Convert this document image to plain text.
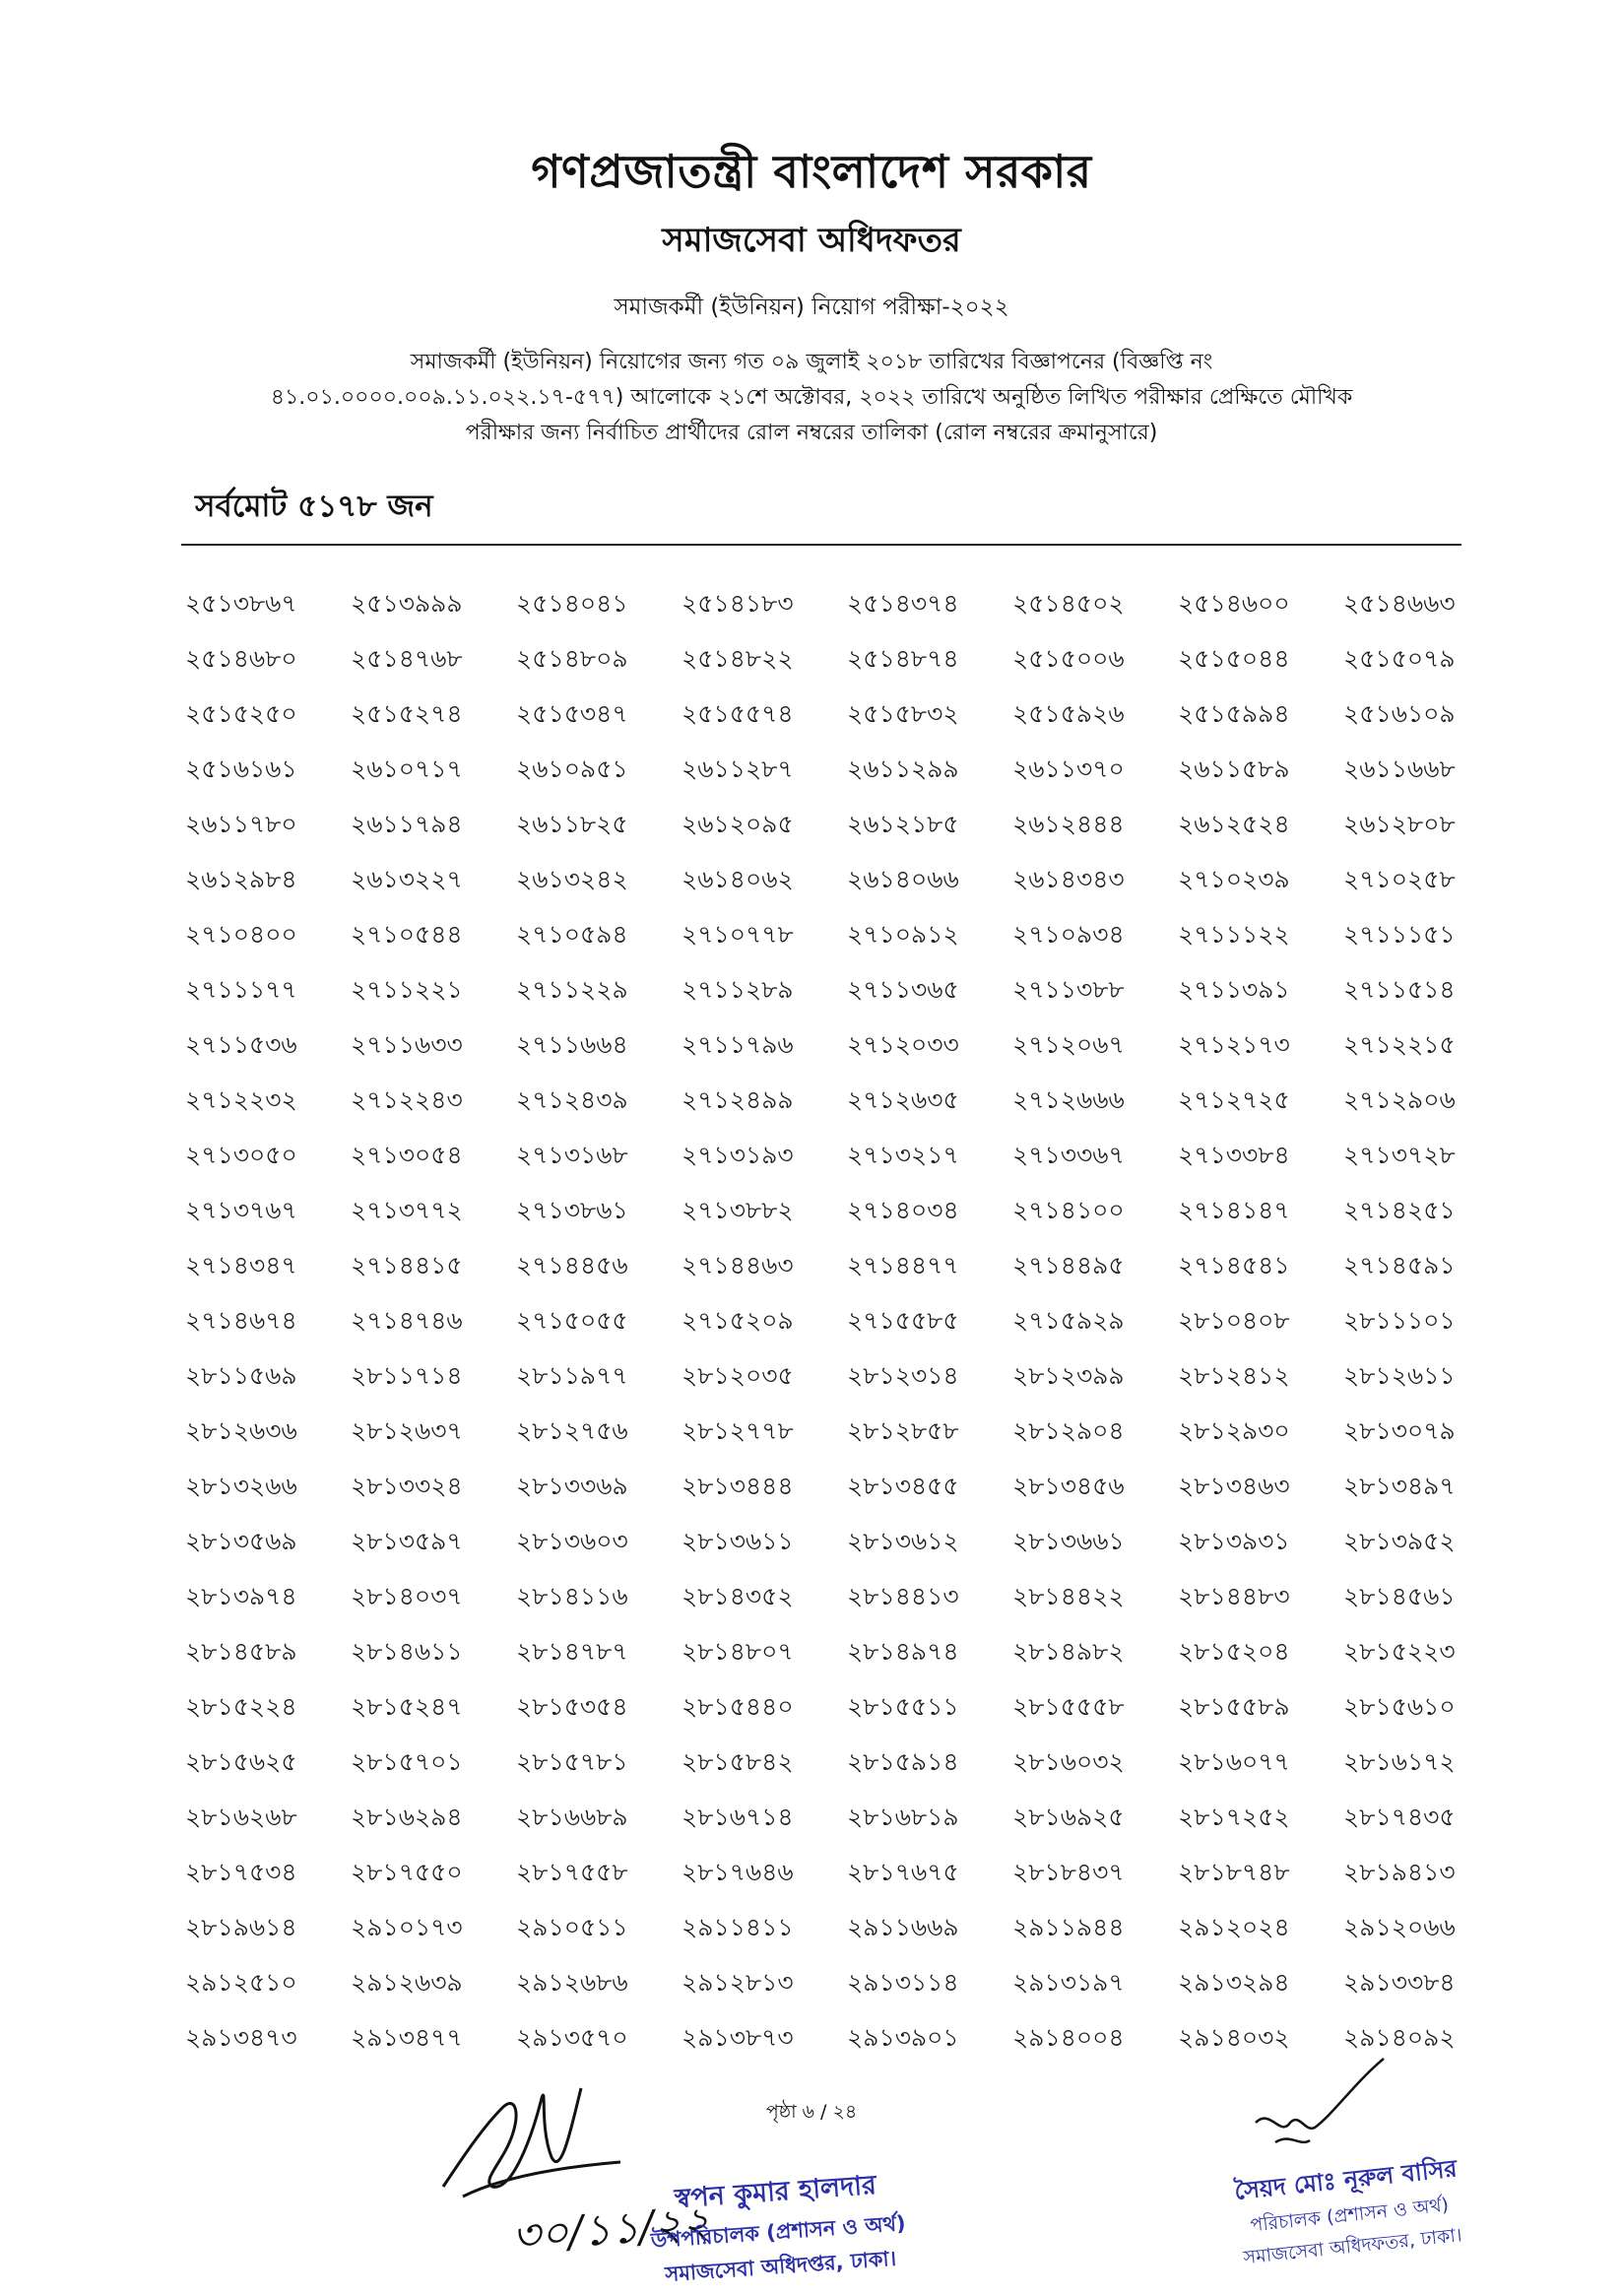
গণপ্রজাতন্ত্রী বাংলাদেশ সরকার
সমাজসেবা অধিদফতর
সমাজকর্মী (ইউনিয়ন) নিয়োগ পরীক্ষা-২০২২
সমাজকর্মী (ইউনিয়ন) নিয়োগের জন্য গত ০৯ জুলাই ২০১৮ তারিখের বিজ্ঞাপনের (বিজ্ঞপ্তি নং
৪১.০১.০০০০.০০৯.১১.০২২.১৭-৫৭৭) আলোকে ২১শে অক্টোবর, ২০২২ তারিখে অনুষ্ঠিত লিখিত পরীক্ষার প্রেক্ষিতে মৌখিক
পরীক্ষার জন্য নির্বাচিত প্রার্থীদের রোল নম্বরের তালিকা (রোল নম্বরের ক্রমানুসারে)
সর্বমোট ৫১৭৮ জন
২৫১৩৮৬৭	২৫১৩৯৯৯	২৫১৪০৪১	২৫১৪১৮৩	২৫১৪৩৭৪	২৫১৪৫০২	২৫১৪৬০০	২৫১৪৬৬৩
২৫১৪৬৮০	২৫১৪৭৬৮	২৫১৪৮০৯	২৫১৪৮২২	২৫১৪৮৭৪	২৫১৫০০৬	২৫১৫০৪৪	২৫১৫০৭৯
২৫১৫২৫০	২৫১৫২৭৪	২৫১৫৩৪৭	২৫১৫৫৭৪	২৫১৫৮৩২	২৫১৫৯২৬	২৫১৫৯৯৪	২৫১৬১০৯
২৫১৬১৬১	২৬১০৭১৭	২৬১০৯৫১	২৬১১২৮৭	২৬১১২৯৯	২৬১১৩৭০	২৬১১৫৮৯	২৬১১৬৬৮
২৬১১৭৮০	২৬১১৭৯৪	২৬১১৮২৫	২৬১২০৯৫	২৬১২১৮৫	২৬১২৪৪৪	২৬১২৫২৪	২৬১২৮০৮
২৬১২৯৮৪	২৬১৩২২৭	২৬১৩২৪২	২৬১৪০৬২	২৬১৪০৬৬	২৬১৪৩৪৩	২৭১০২৩৯	২৭১০২৫৮
২৭১০৪০০	২৭১০৫৪৪	২৭১০৫৯৪	২৭১০৭৭৮	২৭১০৯১২	২৭১০৯৩৪	২৭১১১২২	২৭১১১৫১
২৭১১১৭৭	২৭১১২২১	২৭১১২২৯	২৭১১২৮৯	২৭১১৩৬৫	২৭১১৩৮৮	২৭১১৩৯১	২৭১১৫১৪
২৭১১৫৩৬	২৭১১৬৩৩	২৭১১৬৬৪	২৭১১৭৯৬	২৭১২০৩৩	২৭১২০৬৭	২৭১২১৭৩	২৭১২২১৫
২৭১২২৩২	২৭১২২৪৩	২৭১২৪৩৯	২৭১২৪৯৯	২৭১২৬৩৫	২৭১২৬৬৬	২৭১২৭২৫	২৭১২৯০৬
২৭১৩০৫০	২৭১৩০৫৪	২৭১৩১৬৮	২৭১৩১৯৩	২৭১৩২১৭	২৭১৩৩৬৭	২৭১৩৩৮৪	২৭১৩৭২৮
২৭১৩৭৬৭	২৭১৩৭৭২	২৭১৩৮৬১	২৭১৩৮৮২	২৭১৪০৩৪	২৭১৪১০০	২৭১৪১৪৭	২৭১৪২৫১
২৭১৪৩৪৭	২৭১৪৪১৫	২৭১৪৪৫৬	২৭১৪৪৬৩	২৭১৪৪৭৭	২৭১৪৪৯৫	২৭১৪৫৪১	২৭১৪৫৯১
২৭১৪৬৭৪	২৭১৪৭৪৬	২৭১৫০৫৫	২৭১৫২০৯	২৭১৫৫৮৫	২৭১৫৯২৯	২৮১০৪০৮	২৮১১১০১
২৮১১৫৬৯	২৮১১৭১৪	২৮১১৯৭৭	২৮১২০৩৫	২৮১২৩১৪	২৮১২৩৯৯	২৮১২৪১২	২৮১২৬১১
২৮১২৬৩৬	২৮১২৬৩৭	২৮১২৭৫৬	২৮১২৭৭৮	২৮১২৮৫৮	২৮১২৯০৪	২৮১২৯৩০	২৮১৩০৭৯
২৮১৩২৬৬	২৮১৩৩২৪	২৮১৩৩৬৯	২৮১৩৪৪৪	২৮১৩৪৫৫	২৮১৩৪৫৬	২৮১৩৪৬৩	২৮১৩৪৯৭
২৮১৩৫৬৯	২৮১৩৫৯৭	২৮১৩৬০৩	২৮১৩৬১১	২৮১৩৬১২	২৮১৩৬৬১	২৮১৩৯৩১	২৮১৩৯৫২
২৮১৩৯৭৪	২৮১৪০৩৭	২৮১৪১১৬	২৮১৪৩৫২	২৮১৪৪১৩	২৮১৪৪২২	২৮১৪৪৮৩	২৮১৪৫৬১
২৮১৪৫৮৯	২৮১৪৬১১	২৮১৪৭৮৭	২৮১৪৮০৭	২৮১৪৯৭৪	২৮১৪৯৮২	২৮১৫২০৪	২৮১৫২২৩
২৮১৫২২৪	২৮১৫২৪৭	২৮১৫৩৫৪	২৮১৫৪৪০	২৮১৫৫১১	২৮১৫৫৫৮	২৮১৫৫৮৯	২৮১৫৬১০
২৮১৫৬২৫	২৮১৫৭০১	২৮১৫৭৮১	২৮১৫৮৪২	২৮১৫৯১৪	২৮১৬০৩২	২৮১৬০৭৭	২৮১৬১৭২
২৮১৬২৬৮	২৮১৬২৯৪	২৮১৬৬৮৯	২৮১৬৭১৪	২৮১৬৮১৯	২৮১৬৯২৫	২৮১৭২৫২	২৮১৭৪৩৫
২৮১৭৫৩৪	২৮১৭৫৫০	২৮১৭৫৫৮	২৮১৭৬৪৬	২৮১৭৬৭৫	২৮১৮৪৩৭	২৮১৮৭৪৮	২৮১৯৪১৩
২৮১৯৬১৪	২৯১০১৭৩	২৯১০৫১১	২৯১১৪১১	২৯১১৬৬৯	২৯১১৯৪৪	২৯১২০২৪	২৯১২০৬৬
২৯১২৫১০	২৯১২৬৩৯	২৯১২৬৮৬	২৯১২৮১৩	২৯১৩১১৪	২৯১৩১৯৭	২৯১৩২৯৪	২৯১৩৩৮৪
২৯১৩৪৭৩	২৯১৩৪৭৭	২৯১৩৫৭০	২৯১৩৮৭৩	২৯১৩৯০১	২৯১৪০০৪	২৯১৪০৩২	২৯১৪০৯২
পৃষ্ঠা ৬ / ২৪
৩০/১১/২২
স্বপন কুমার হালদার
উপপরিচালক (প্রশাসন ও অর্থ)
সমাজসেবা অধিদপ্তর, ঢাকা।
সৈয়দ মোঃ নূরুল বাসির
পরিচালক (প্রশাসন ও অর্থ)
সমাজসেবা অধিদফতর, ঢাকা।
